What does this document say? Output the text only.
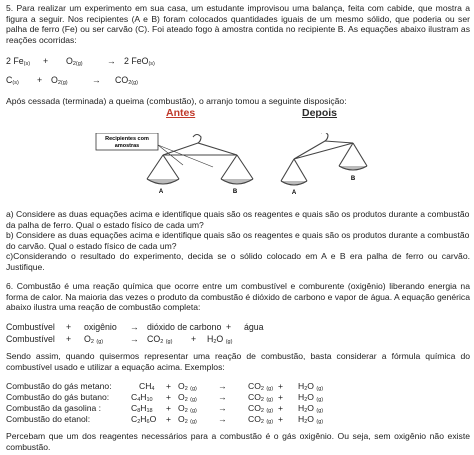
5. Para realizar um experimento em sua casa, um estudante improvisou uma balança, feita com cabide, que mostra a figura a seguir. Nos recipientes (A e B) foram colocados quantidades iguais de um mesmo sólido, que poderia ou ser palha de ferro (Fe) ou ser carvão (C). Foi ateado fogo à amostra contida no recipiente B. As equações abaixo ilustram as reações ocorridas:
2 $Fe_{(s)} + O_{2(g)}$	→ 2 FeO$_{(s)}$
$C_{(s)} + O_{2(g)}$	→ $CO_{2(g)}$
Após cessada (terminada) a queima (combustão), o arranjo tomou a seguinte disposição:
Antes	Depois
Recipientes com
amostras
A	B	A
B
a) Considere as duas equações acima e identifique quais são os reagentes e quais são os produtos durante a combustão da palha de ferro. Qual o estado físico de cada um?
b) Considere as duas equações acima e identifique quais são os reagentes e quais são os produtos durante a combustão do carvão. Qual o estado físico de cada um?
c)Considerando o resultado do experimento, decida se o sólido colocado em A e B era palha de ferro ou carvão. Justifique.
6. Combustão é uma reação química que ocorre entre um combustível e comburente (oxigênio) liberando energia na forma de calor. Na maioria das vezes o produto da combustão é dióxido de carbono e vapor de água. A equação genérica abaixo ilustra uma reação de combustão completa:
Combustível + oxigênio → dióxido de carbono + água
Combustível + $O_2$ $_{(g)}$	→ $CO_2$ $_{(g)} + H_2O$ $_{(g)}$
Sendo assim, quando quisermos representar uma reação de combustão, basta considerar a fórmula química do combustível usado e utilizar a equação acima. Exemplos:
Combustão do gás metano:	$CH_4 + O_2$ $_{(g)} \to CO_2$ $_{(g)} + H_2O$ $_{(g)}$
Combustão do gás butano:	$C_4H_{10} + O_2$ $_{(g)} \to CO_2$ $_{(g)} + H_2O$ $_{(g)}$
Combustão da gasolina :	$C_8H_{18} + O_2$ $_{(g)} \to CO_2$ $_{(g)} + H_2O$ $_{(g)}$
Combustão do etanol:	$C_2H_6O + O_2$ $_{(g)} \to CO_2$ $_{(g)} + H_2O$ $_{(g)}$
Percebam que um dos reagentes necessários para a combustão é o gás oxigênio. Ou seja, sem oxigênio não existe combustão.
